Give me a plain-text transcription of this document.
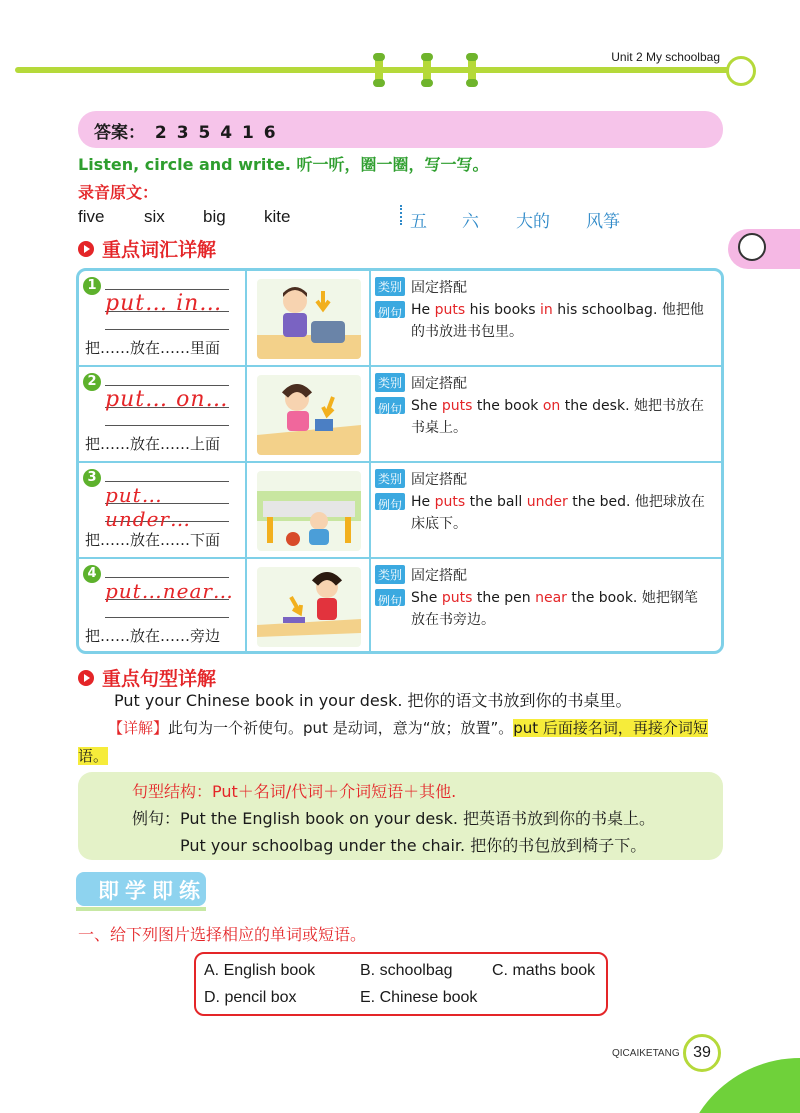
Unit 2 My schoolbag
答案： 2 3 5 4 1 6
Listen, circle and write. 听一听，圈一圈，写一写。
录音原文：
five six big kite	五 六 大的 风筝
重点词汇详解
1
put… in…
把……放在……里面
类别 固定搭配
例句 He puts his books in his schoolbag. 他把他的书放进书包里。
2
put… on…
把……放在……上面
类别 固定搭配
例句 She puts the book on the desk. 她把书放在书桌上。
3
put…under…
把……放在……下面
类别 固定搭配
例句 He puts the ball under the bed. 他把球放在床底下。
4
put…near…
把……放在……旁边
类别 固定搭配
例句 She puts the pen near the book. 她把钢笔放在书旁边。
重点句型详解
Put your Chinese book in your desk. 把你的语文书放到你的书桌里。
【详解】此句为一个祈使句。put 是动词，意为“放；放置”。put 后面接名词，再接介词短语。
句型结构：Put＋名词/代词＋介词短语＋其他.
例句：Put the English book on your desk. 把英语书放到你的书桌上。
Put your schoolbag under the chair. 把你的书包放到椅子下。
即学即练
一、给下列图片选择相应的单词或短语。
A. English book	B. schoolbag C. maths book
D. pencil box	E. Chinese book
QICAIKETANG 39
